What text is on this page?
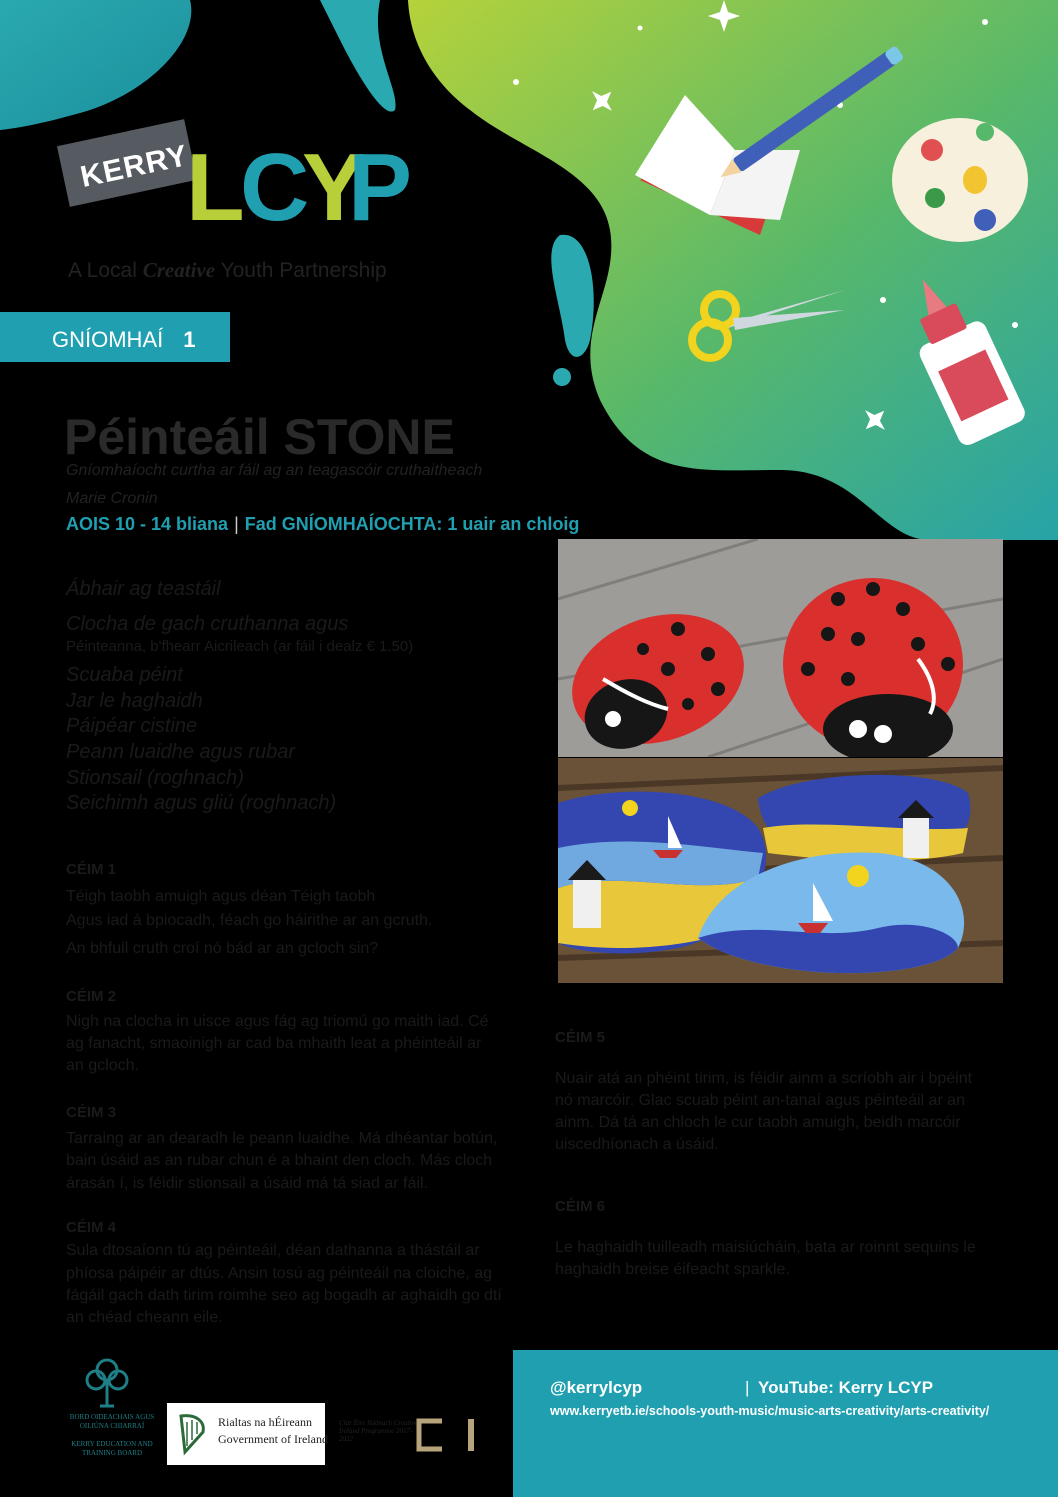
KERRY
L
C
Y
P
A Local Creative Youth Partnership
GNÍOMHAÍ 1
Péinteáil STONE
Gníomhaíocht curtha ar fáil ag an teagascóir cruthaitheach
Marie Cronin
AOIS 10 - 14 bliana | Fad GNÍOMHAÍOCHTA: 1 uair an chloig
Ábhair ag teastáil
Clocha de gach cruthanna agus
Péinteanna, b'fhearr Aicrileach (ar fáil i dealz € 1.50)
Scuaba péint
Jar le haghaidh
Páipéar cistine
Peann luaidhe agus rubar
Stionsail (roghnach)
Seichimh agus gliú (roghnach)
CÉIM 1
Téigh taobh amuigh agus déan Téigh taobh
Agus iad á bpiocadh, féach go háirithe ar an gcruth.
An bhfuil cruth croí nó bád ar an gcloch sin?
CÉIM 2
Nigh na clocha in uisce agus fág ag triomú go maith iad. Cé
ag fanacht, smaoinigh ar cad ba mhaith leat a phéinteáil ar
an gcloch.
CÉIM 3
Tarraing ar an dearadh le peann luaidhe. Má dhéantar botún,
bain úsáid as an rubar chun é a bhaint den cloch. Más cloch
árasán í, is féidir stionsail a úsáid má tá siad ar fáil.
CÉIM 4
Sula dtosaíonn tú ag péinteáil, déan dathanna a thástáil ar
phíosa páipéir ar dtús. Ansin tosú ag péinteáil na cloiche, ag
fágáil gach dath tirim roimhe seo ag bogadh ar aghaidh go dtí
an chéad cheann eile.
CÉIM 5
Nuair atá an phéint tirim, is féidir ainm a scríobh air i bpéint
nó marcóir. Glac scuab péint an-tanaí agus péinteáil ar an
ainm. Dá tá an chloch le cur taobh amuigh, beidh marcóir
uiscedhíonach a úsáid.
CÉIM 6
Le haghaidh tuilleadh maisiúcháin, bata ar roinnt sequins le
haghaidh breise éifeacht sparkle.
BORD OIDEACHAIS AGUS OILIÚNA CHIARRAÍ
KERRY EDUCATION AND TRAINING BOARD
Rialtas na hÉireann
Government of Ireland
Clár Éire Ildánach Creative Ireland Programme 2017–2022
@kerrylcyp	| YouTube: Kerry LCYP
www.kerryetb.ie/schools-youth-music/music-arts-creativity/arts-creativity/
